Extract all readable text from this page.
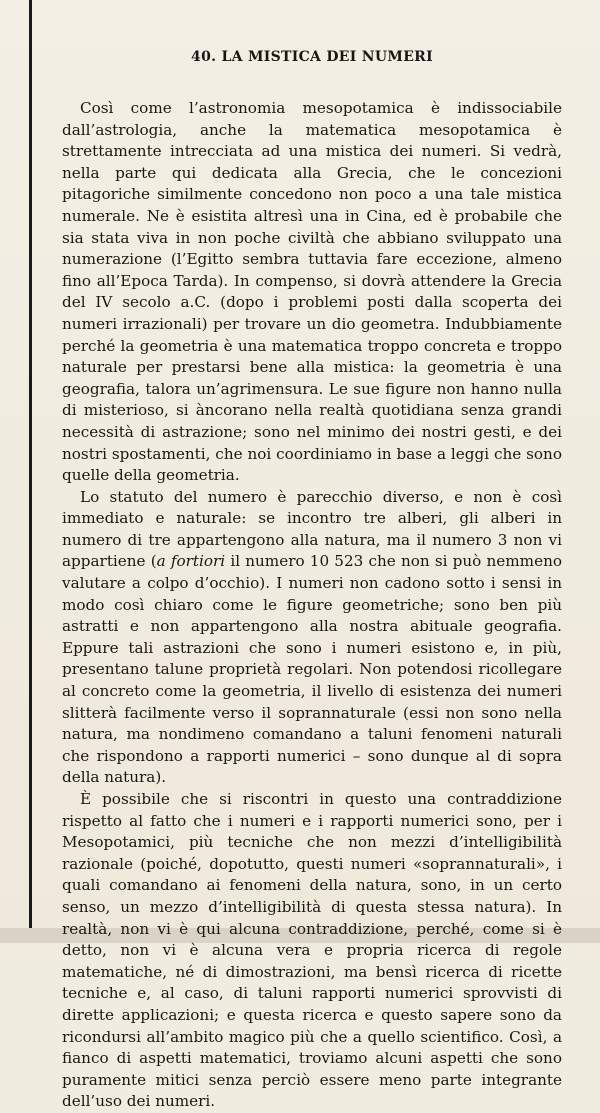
40. LA MISTICA DEI NUMERI

Così come l’astronomia mesopotamica è indissociabile dall’astrologia, anche la matematica mesopotamica è strettamente intrecciata ad una mistica dei numeri. Si vedrà, nella parte qui dedicata alla Grecia, che le concezioni pitagoriche similmente concedono non poco a una tale mistica numerale. Ne è esistita altresì una in Cina, ed è probabile che sia stata viva in non poche civiltà che abbiano sviluppato una numerazione (l’Egitto sembra tuttavia fare eccezione, almeno fino all’Epoca Tarda). In compenso, si dovrà attendere la Grecia del IV secolo a.C. (dopo i problemi posti dalla scoperta dei numeri irrazionali) per trovare un dio geometra. Indubbiamente perché la geometria è una matematica troppo concreta e troppo naturale per prestarsi bene alla mistica: la geometria è una geografia, talora un’agrimensura. Le sue figure non hanno nulla di misterioso, si àncorano nella realtà quotidiana senza grandi necessità di astrazione; sono nel minimo dei nostri gesti, e dei nostri spostamenti, che noi coordiniamo in base a leggi che sono quelle della geometria.

Lo statuto del numero è parecchio diverso, e non è così immediato e naturale: se incontro tre alberi, gli alberi in numero di tre appartengono alla natura, ma il numero 3 non vi appartiene (a fortiori il numero 10 523 che non si può nemmeno valutare a colpo d’occhio). I numeri non cadono sotto i sensi in modo così chiaro come le figure geometriche; sono ben più astratti e non appartengono alla nostra abituale geografia. Eppure tali astrazioni che sono i numeri esistono e, in più, presentano talune proprietà regolari. Non potendosi ricollegare al concreto come la geometria, il livello di esistenza dei numeri slitterà facilmente verso il soprannaturale (essi non sono nella natura, ma nondimeno comandano a taluni fenomeni naturali che rispondono a rapporti numerici – sono dunque al di sopra della natura).

È possibile che si riscontri in questo una contraddizione rispetto al fatto che i numeri e i rapporti numerici sono, per i Mesopotamici, più tecniche che non mezzi d’intelligibilità razionale (poiché, dopotutto, questi numeri «soprannaturali», i quali comandano ai fenomeni della natura, sono, in un certo senso, un mezzo d’intelligibilità di questa stessa natura). In realtà, non vi è qui alcuna contraddizione, perché, come si è detto, non vi è alcuna vera e propria ricerca di regole matematiche, né di dimostrazioni, ma bensì ricerca di ricette tecniche e, al caso, di taluni rapporti numerici sprovvisti di dirette applicazioni; e questa ricerca e questo sapere sono da ricondursi all’ambito magico più che a quello scientifico. Così, a fianco di aspetti matematici, troviamo alcuni aspetti che sono puramente mitici senza perciò essere meno parte integrante dell’uso dei numeri.
